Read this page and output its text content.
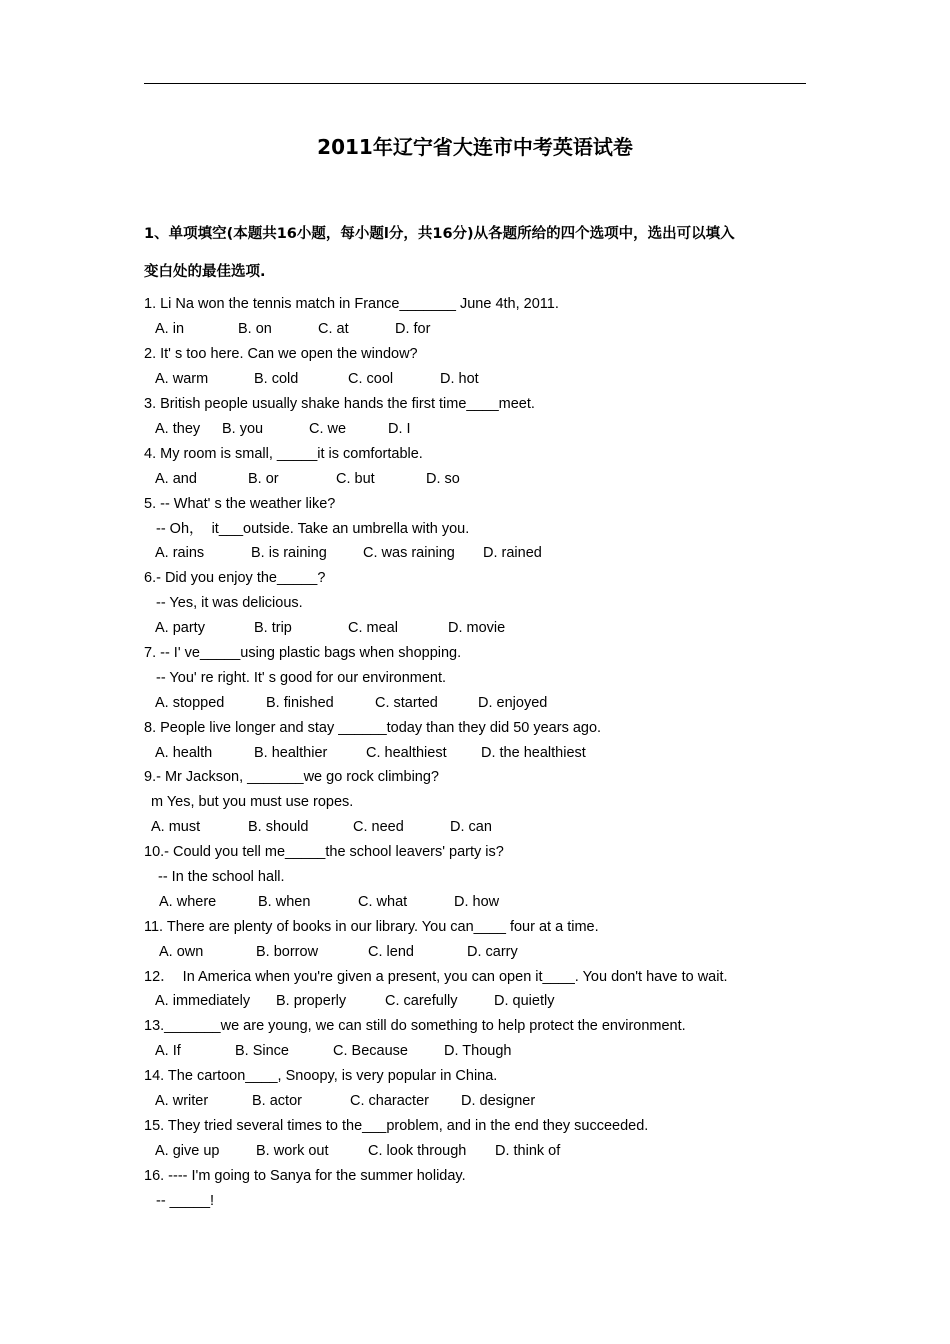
2011年辽宁省大连市中考英语试卷
1、单项填空(本题共16小题，每小题l分，共16分)从各题所给的四个选项中，选出可以填入
变白处的最佳选项.
1. Li Na won the tennis match in France_______ June 4th, 2011.
A. in	B. on	C. at	D. for
2. It' s too here. Can we open the window?
A. warm	B. cold	C. cool	D. hot
3. British people usually shake hands the first time____meet.
A. they B. you	C. we	D. I
4. My room is small, _____it is comfortable.
A. and	B. or	C. but	D. so
5. -- What' s the weather like?
-- Oh，  it___outside. Take an umbrella with you.
A. rains	B. is raining C. was raining D. rained
6.- Did you enjoy the_____?
-- Yes, it was delicious.
A. party	B. trip	C. meal	D. movie
7. -- I' ve_____using plastic bags when shopping.
-- You' re right. It' s good for our environment.
A. stopped	B. finished	C. started	D. enjoyed
8. People live longer and stay ______today than they did 50 years ago.
A. health	B. healthier	C. healthiest D. the healthiest
9.- Mr Jackson, _______we go rock climbing?
m Yes, but you must use ropes.
A. must	B. should	C. need	D. can
10.- Could you tell me_____the school leavers' party is?
-- In the school hall.
A. where	B. when	C. what	D. how
11. There are plenty of books in our library. You can____ four at a time.
A. own	B. borrow	C. lend	D. carry
12．  In America when you're given a present, you can open it____. You don't have to wait.
A. immediately B. properly	C. carefully	D. quietly
13._______we are young, we can still do something to help protect the environment.
A. If	B. Since	C. Because D. Though
14. The cartoon____, Snoopy, is very popular in China.
A. writer	B. actor	C. character D. designer
15. They tried several times to the___problem, and in the end they succeeded.
A. give up	B. work out	C. look through D. think of
16. ---- I'm going to Sanya for the summer holiday.
-- _____!
